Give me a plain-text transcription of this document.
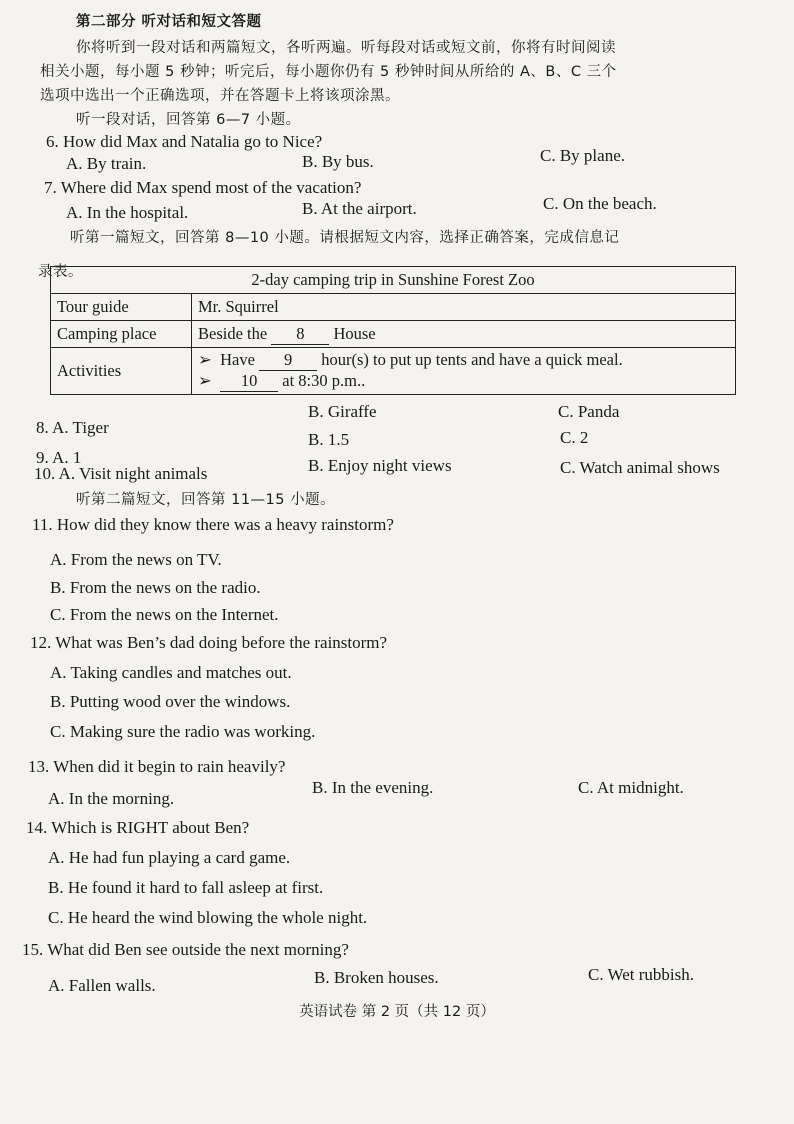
第二部分 听对话和短文答题
你将听到一段对话和两篇短文，各听两遍。听每段对话或短文前，你将有时间阅读
相关小题，每小题 5 秒钟；听完后，每小题你仍有 5 秒钟时间从所给的 A、B、C 三个
选项中选出一个正确选项，并在答题卡上将该项涂黑。
听一段对话，回答第 6—7 小题。
6. How did Max and Natalia go to Nice?
A. By train.	B. By bus.	C. By plane.
7. Where did Max spend most of the vacation?
A. In the hospital.	B. At the airport.	C. On the beach.
听第一篇短文，回答第 8—10 小题。请根据短文内容，选择正确答案，完成信息记
录表。	2-day camping trip in Sunshine Forest Zoo	
Tour guide	Mr. Squirrel
Camping place	Beside the 8 House
Activities	➢ Have 9 hour(s) to put up tents and have a quick meal.
➢ 10 at 8:30 p.m..
8. A. Tiger
B. Giraffe	C. Panda
9. A. 1
B. 1.5	C. 2
10. A. Visit night animals	B. Enjoy night views	C. Watch animal shows
听第二篇短文，回答第 11—15 小题。
11. How did they know there was a heavy rainstorm?
A. From the news on TV.
B. From the news on the radio.
C. From the news on the Internet.
12. What was Ben’s dad doing before the rainstorm?
A. Taking candles and matches out.
B. Putting wood over the windows.
C. Making sure the radio was working.
13. When did it begin to rain heavily?
A. In the morning.
B. In the evening.	C. At midnight.
14. Which is RIGHT about Ben?
A. He had fun playing a card game.
B. He found it hard to fall asleep at first.
C. He heard the wind blowing the whole night.
15. What did Ben see outside the next morning?
A. Fallen walls.	B. Broken houses.	C. Wet rubbish.
英语试卷 第 2 页（共 12 页）
